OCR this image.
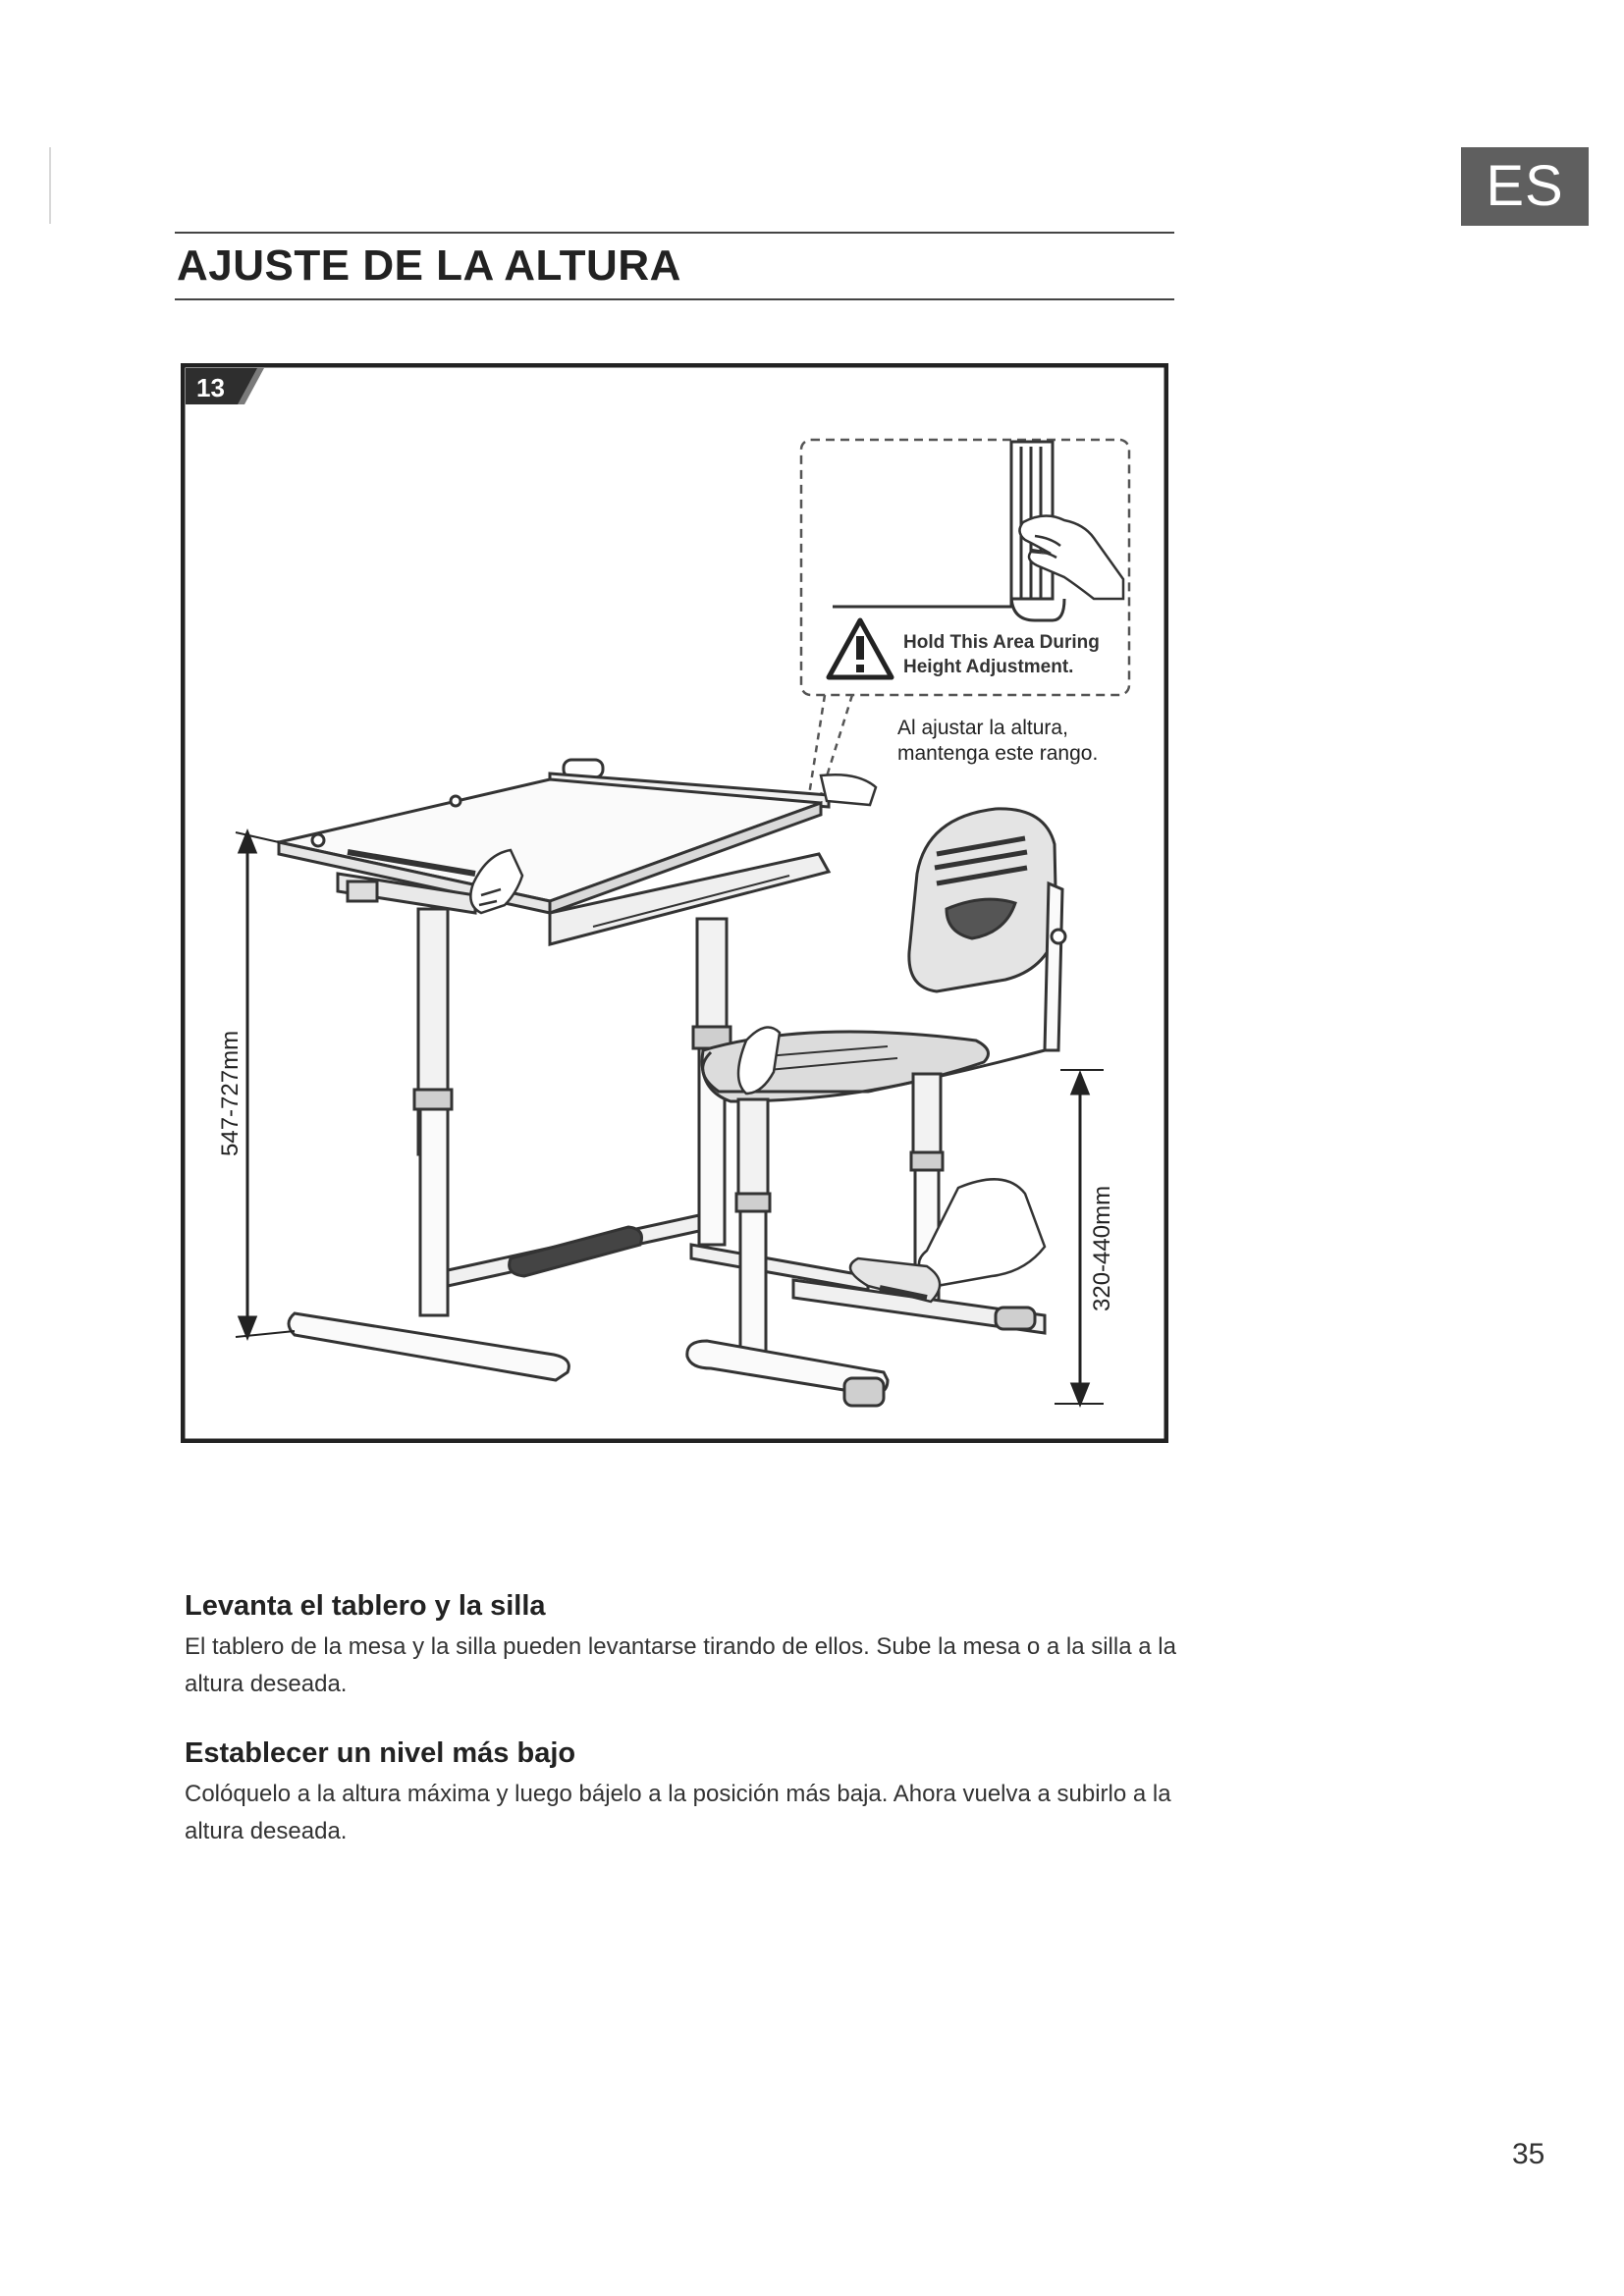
ES
AJUSTE DE LA ALTURA
13
Hold This Area During
Height Adjustment.
Al ajustar la altura,
mantenga este rango.
547-727mm
320-440mm
Levanta el tablero y la silla

El tablero de la mesa y la silla pueden levantarse tirando de ellos. Sube la mesa o a la silla a la altura deseada.

Establecer un nivel más bajo

Colóquelo a la altura máxima y luego bájelo a la posición más baja. Ahora vuelva a subirlo a la altura deseada.

35
